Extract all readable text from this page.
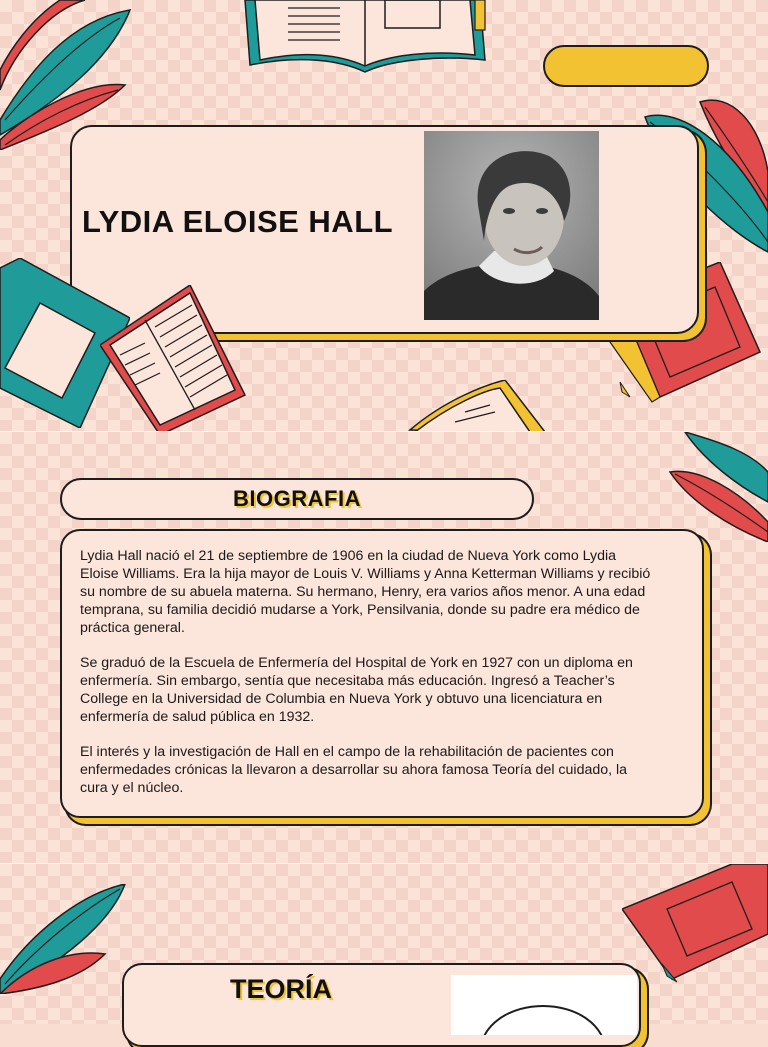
LYDIA ELOISE HALL
BIOGRAFIA

Lydia Hall nació el 21 de septiembre de 1906 en la ciudad de Nueva York como Lydia Eloise Williams. Era la hija mayor de Louis V. Williams y Anna Ketterman Williams y recibió su nombre de su abuela materna. Su hermano, Henry, era varios años menor. A una edad temprana, su familia decidió mudarse a York, Pensilvania, donde su padre era médico de práctica general.

Se graduó de la Escuela de Enfermería del Hospital de York en 1927 con un diploma en enfermería. Sin embargo, sentía que necesitaba más educación. Ingresó a Teacher’s College en la Universidad de Columbia en Nueva York y obtuvo una licenciatura en enfermería de salud pública en 1932.

El interés y la investigación de Hall en el campo de la rehabilitación de pacientes con enfermedades crónicas la llevaron a desarrollar su ahora famosa Teoría del cuidado, la cura y el núcleo.

TEORÍA
